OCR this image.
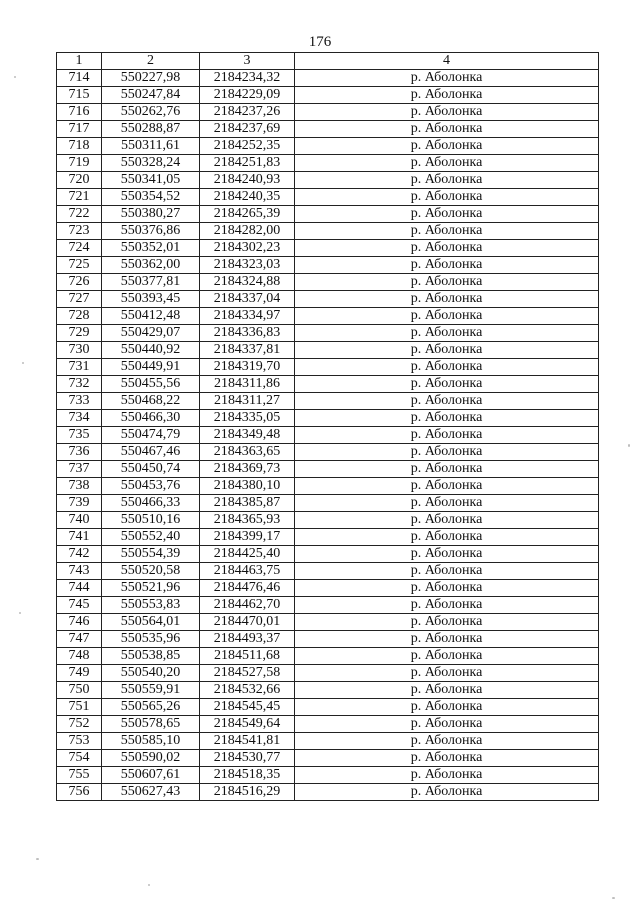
176
1	2	3	4
714	550227,98	2184234,32	р. Аболонка
715	550247,84	2184229,09	р. Аболонка
716	550262,76	2184237,26	р. Аболонка
717	550288,87	2184237,69	р. Аболонка
718	550311,61	2184252,35	р. Аболонка
719	550328,24	2184251,83	р. Аболонка
720	550341,05	2184240,93	р. Аболонка
721	550354,52	2184240,35	р. Аболонка
722	550380,27	2184265,39	р. Аболонка
723	550376,86	2184282,00	р. Аболонка
724	550352,01	2184302,23	р. Аболонка
725	550362,00	2184323,03	р. Аболонка
726	550377,81	2184324,88	р. Аболонка
727	550393,45	2184337,04	р. Аболонка
728	550412,48	2184334,97	р. Аболонка
729	550429,07	2184336,83	р. Аболонка
730	550440,92	2184337,81	р. Аболонка
731	550449,91	2184319,70	р. Аболонка
732	550455,56	2184311,86	р. Аболонка
733	550468,22	2184311,27	р. Аболонка
734	550466,30	2184335,05	р. Аболонка
735	550474,79	2184349,48	р. Аболонка
736	550467,46	2184363,65	р. Аболонка
737	550450,74	2184369,73	р. Аболонка
738	550453,76	2184380,10	р. Аболонка
739	550466,33	2184385,87	р. Аболонка
740	550510,16	2184365,93	р. Аболонка
741	550552,40	2184399,17	р. Аболонка
742	550554,39	2184425,40	р. Аболонка
743	550520,58	2184463,75	р. Аболонка
744	550521,96	2184476,46	р. Аболонка
745	550553,83	2184462,70	р. Аболонка
746	550564,01	2184470,01	р. Аболонка
747	550535,96	2184493,37	р. Аболонка
748	550538,85	2184511,68	р. Аболонка
749	550540,20	2184527,58	р. Аболонка
750	550559,91	2184532,66	р. Аболонка
751	550565,26	2184545,45	р. Аболонка
752	550578,65	2184549,64	р. Аболонка
753	550585,10	2184541,81	р. Аболонка
754	550590,02	2184530,77	р. Аболонка
755	550607,61	2184518,35	р. Аболонка
756	550627,43	2184516,29	р. Аболонка
